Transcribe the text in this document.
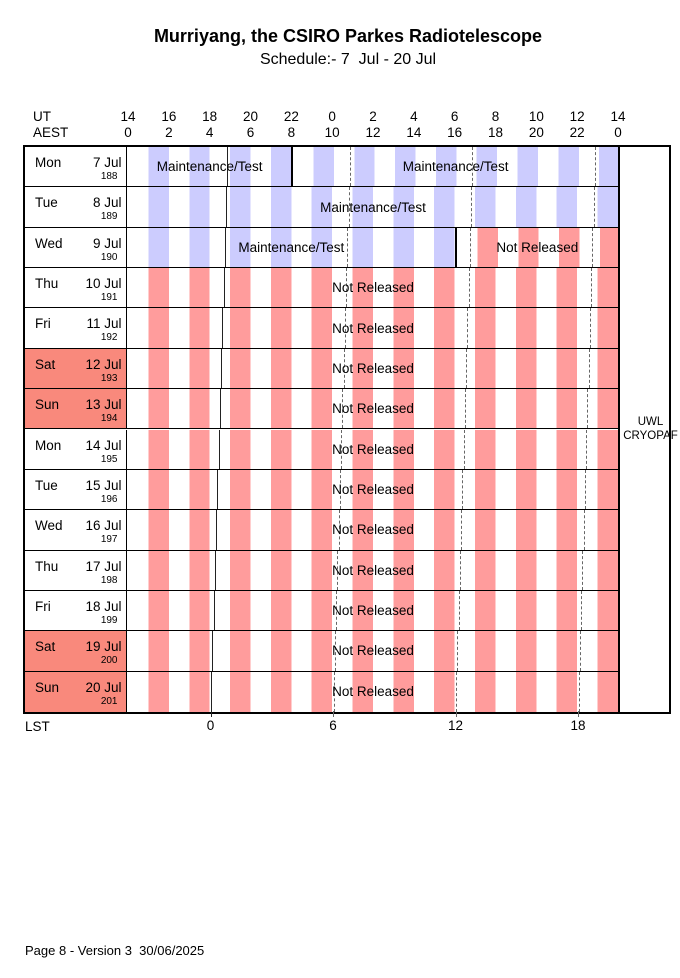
Murriyang, the CSIRO Parkes Radiotelescope
Schedule:- 7  Jul - 20 Jul
UT
AEST
14 16 18 20 22 0 2 4 6 8 10 12 14
0 2 4 6 8 10 12 14 16 18 20 22 0
Mon 7 Jul
188
Maintenance/Test	Maintenance/Test
Tue	8 Jul
189
Maintenance/Test
Wed 9 Jul
190
Maintenance/Test	Not Released
Thu 10 Jul
191
Not Released
Fri	11 Jul
192
Not Released
Sat 12 Jul
193
Not Released
Sun 13 Jul
194
Not Released
Mon 14 Jul
195
Not Released
Tue 15 Jul
196
Not Released
Wed 16 Jul
197
Not Released
Thu 17 Jul
198
Not Released
Fri	18 Jul
199
Not Released
Sat 19 Jul
200
Not Released
Sun 20 Jul
201
Not Released
UWL
CRYOPAF
LST	0	6	12	18
Page 8 - Version 3  30/06/2025
